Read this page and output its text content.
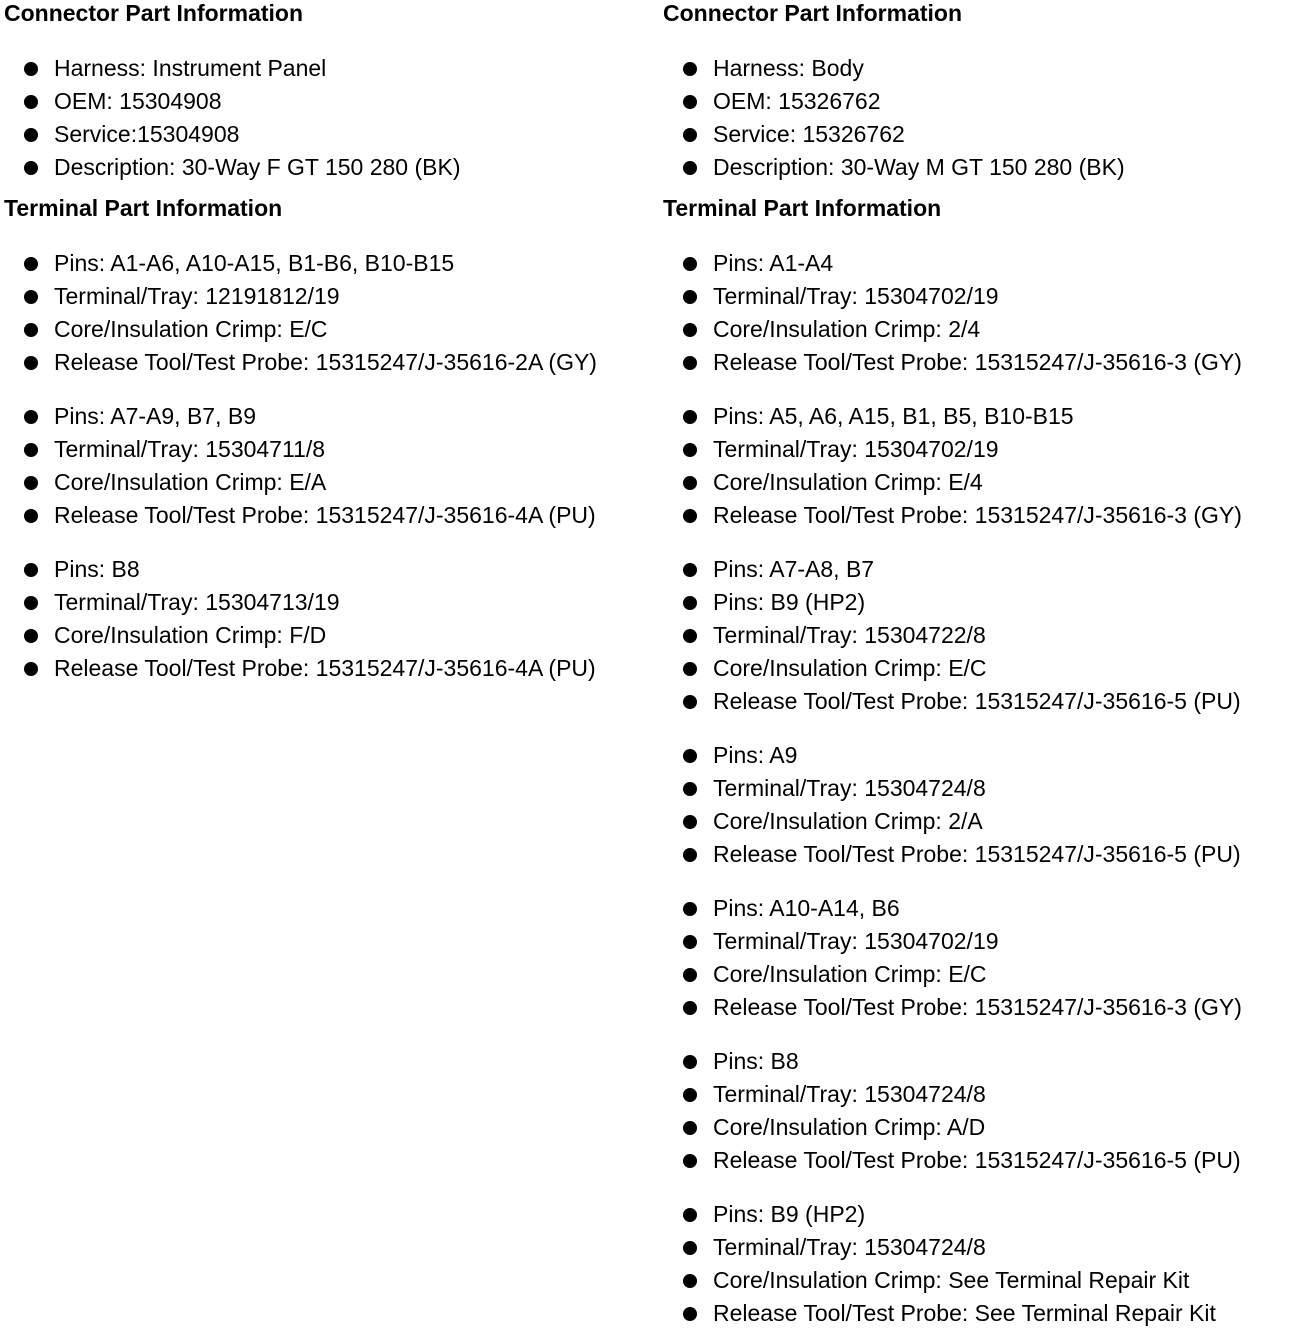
Connector Part Information
Harness: Instrument Panel
OEM: 15304908
Service:15304908
Description: 30-Way F GT 150 280 (BK)
Terminal Part Information
Pins: A1-A6, A10-A15, B1-B6, B10-B15
Terminal/Tray: 12191812/19
Core/Insulation Crimp: E/C
Release Tool/Test Probe: 15315247/J-35616-2A (GY)
Pins: A7-A9, B7, B9
Terminal/Tray: 15304711/8
Core/Insulation Crimp: E/A
Release Tool/Test Probe: 15315247/J-35616-4A (PU)
Pins: B8
Terminal/Tray: 15304713/19
Core/Insulation Crimp: F/D
Release Tool/Test Probe: 15315247/J-35616-4A (PU)
Connector Part Information
Harness: Body
OEM: 15326762
Service: 15326762
Description: 30-Way M GT 150 280 (BK)
Terminal Part Information
Pins: A1-A4
Terminal/Tray: 15304702/19
Core/Insulation Crimp: 2/4
Release Tool/Test Probe: 15315247/J-35616-3 (GY)
Pins: A5, A6, A15, B1, B5, B10-B15
Terminal/Tray: 15304702/19
Core/Insulation Crimp: E/4
Release Tool/Test Probe: 15315247/J-35616-3 (GY)
Pins: A7-A8, B7
Pins: B9 (HP2)
Terminal/Tray: 15304722/8
Core/Insulation Crimp: E/C
Release Tool/Test Probe: 15315247/J-35616-5 (PU)
Pins: A9
Terminal/Tray: 15304724/8
Core/Insulation Crimp: 2/A
Release Tool/Test Probe: 15315247/J-35616-5 (PU)
Pins: A10-A14, B6
Terminal/Tray: 15304702/19
Core/Insulation Crimp: E/C
Release Tool/Test Probe: 15315247/J-35616-3 (GY)
Pins: B8
Terminal/Tray: 15304724/8
Core/Insulation Crimp: A/D
Release Tool/Test Probe: 15315247/J-35616-5 (PU)
Pins: B9 (HP2)
Terminal/Tray: 15304724/8
Core/Insulation Crimp: See Terminal Repair Kit
Release Tool/Test Probe: See Terminal Repair Kit
